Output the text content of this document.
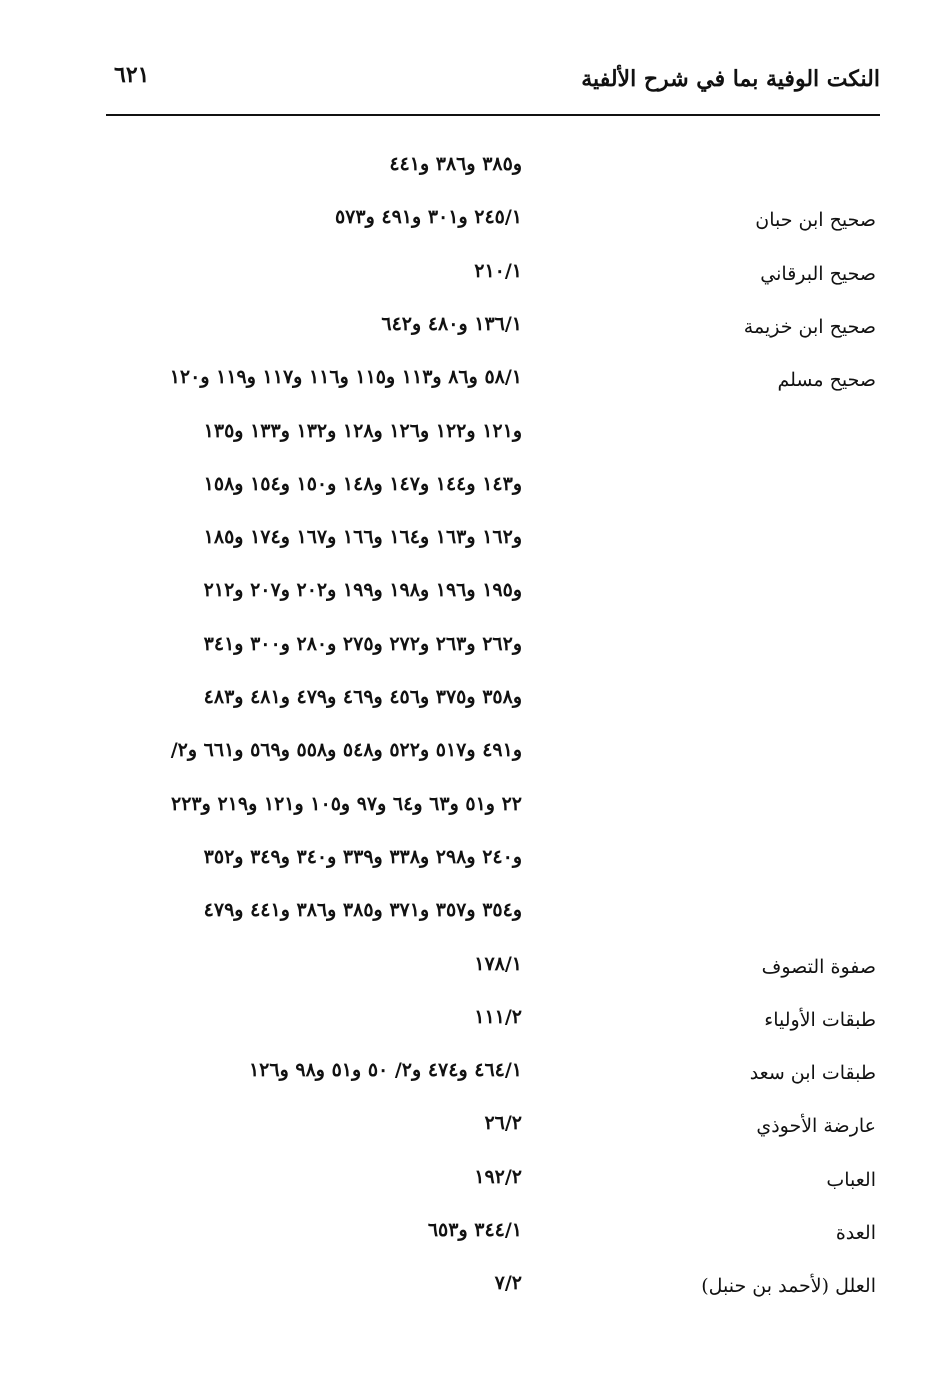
النكت الوفية بما في شرح الألفية
٦٢١
و٣٨٥ و٣٨٦ و٤٤١
صحيح ابن حبان
٢٤٥/١ و٣٠١ و٤٩١ و٥٧٣
صحيح البرقاني
٢١٠/١
صحيح ابن خزيمة
١٣٦/١ و٤٨٠ و٦٤٢
صحيح مسلم
٥٨/١ و٨٦ و١١٣ و١١٥ و١١٦ و١١٧ و١١٩ و١٢٠
و١٢١ و١٢٢ و١٢٦ و١٢٨ و١٣٢ و١٣٣ و١٣٥
و١٤٣ و١٤٤ و١٤٧ و١٤٨ و١٥٠ و١٥٤ و١٥٨
و١٦٢ و١٦٣ و١٦٤ و١٦٦ و١٦٧ و١٧٤ و١٨٥
و١٩٥ و١٩٦ و١٩٨ و١٩٩ و٢٠٢ و٢٠٧ و٢١٢
و٢٦٢ و٢٦٣ و٢٧٢ و٢٧٥ و٢٨٠ و٣٠٠ و٣٤١
و٣٥٨ و٣٧٥ و٤٥٦ و٤٦٩ و٤٧٩ و٤٨١ و٤٨٣
و٤٩١ و٥١٧ و٥٢٢ و٥٤٨ و٥٥٨ و٥٦٩ و٦٦١ و٢/
٢٢ و٥١ و٦٣ و٦٤ و٩٧ و١٠٥ و١٢١ و٢١٩ و٢٢٣
و٢٤٠ و٢٩٨ و٣٣٨ و٣٣٩ و٣٤٠ و٣٤٩ و٣٥٢
و٣٥٤ و٣٥٧ و٣٧١ و٣٨٥ و٣٨٦ و٤٤١ و٤٧٩
صفوة التصوف
١٧٨/١
طبقات الأولياء
١١١/٢
طبقات ابن سعد
٤٦٤/١ و٤٧٤ و٢/ ٥٠ و٥١ و٩٨ و١٢٦
عارضة الأحوذي
٢٦/٢
العباب
١٩٢/٢
العدة
٣٤٤/١ و٦٥٣
العلل (لأحمد بن حنبل)
٧/٢
